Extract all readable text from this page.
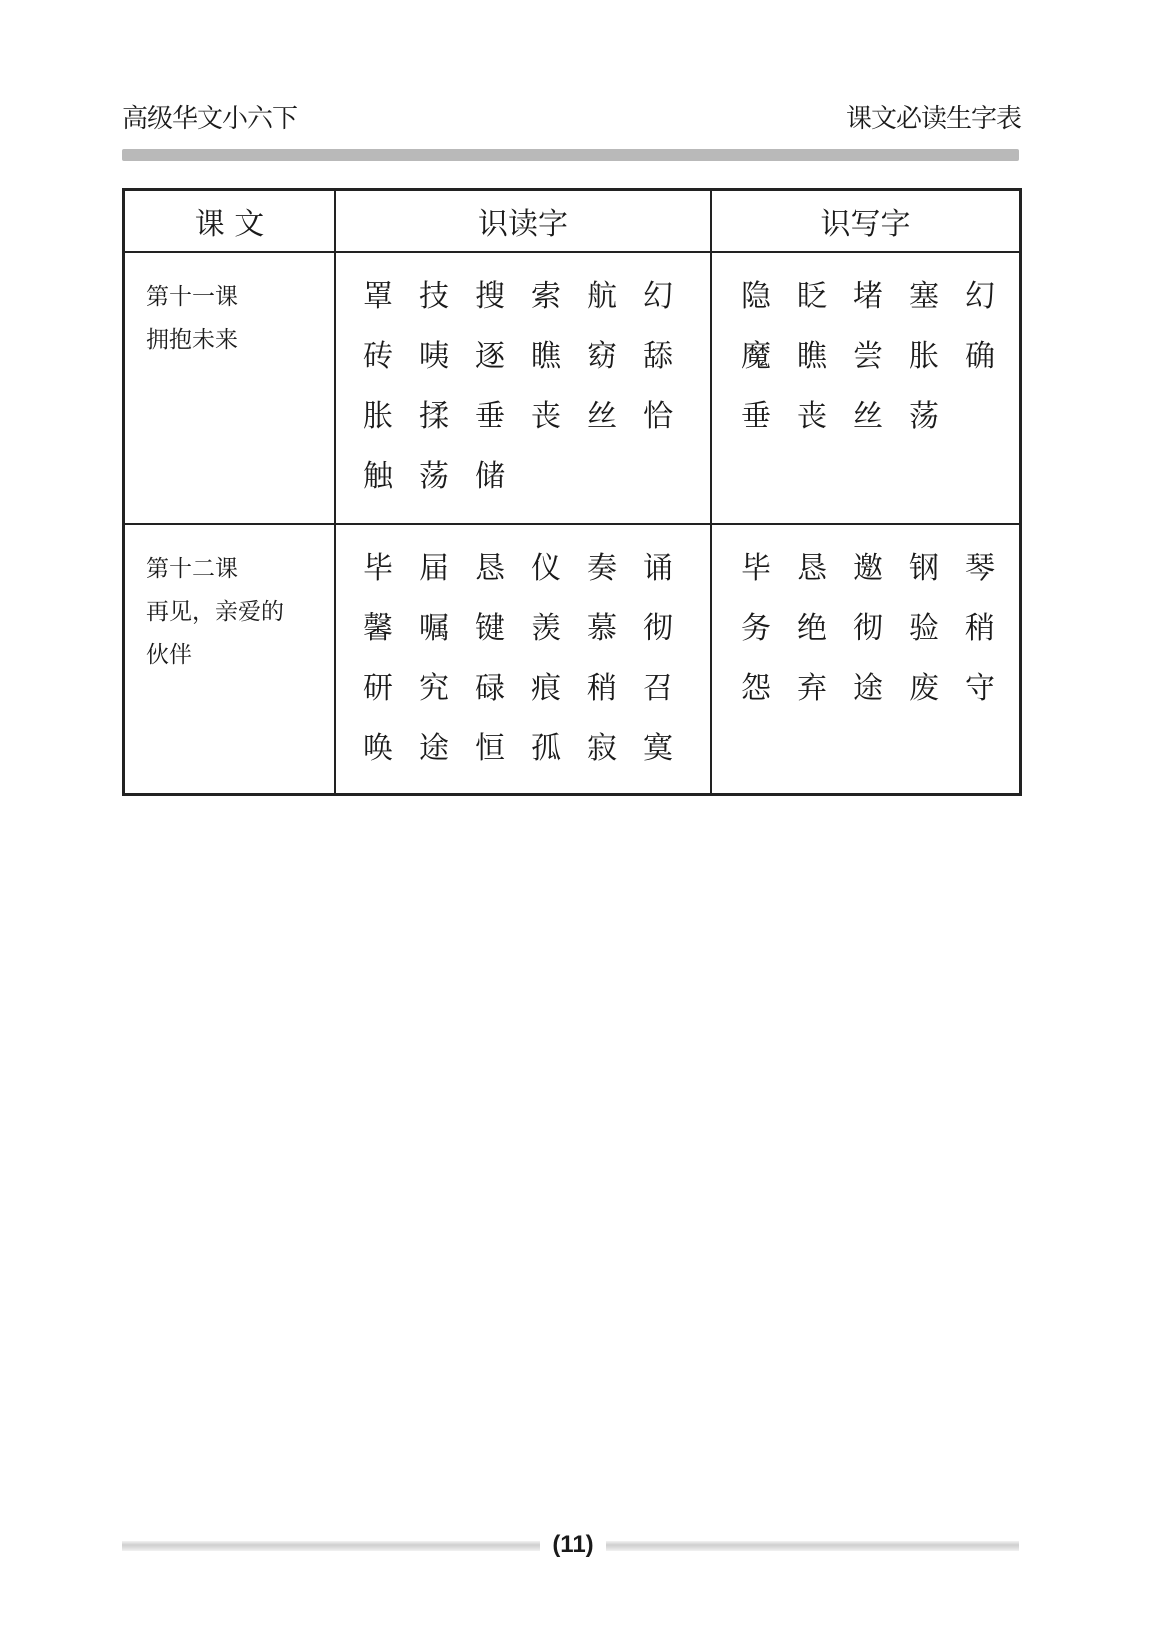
高级华文小六下	课文必读生字表
课 文	识读字	识写字

第十一课
拥抱未来

罩 技 搜 索 航 幻
砖 咦 逐 瞧 窈 舔
胀 揉 垂 丧 丝 恰
触 荡 储

隐 眨 堵 塞 幻
魔 瞧 尝 胀 确
垂 丧 丝 荡

第十二课
再见，亲爱的
伙伴

毕 届 恳 仪 奏 诵
馨 嘱 键 羡 慕 彻
研 究 碌 痕 稍 召
唤 途 恒 孤 寂 寞

毕 恳 邀 钢 琴
务 绝 彻 验 稍
怨 弃 途 废 守
(11)
